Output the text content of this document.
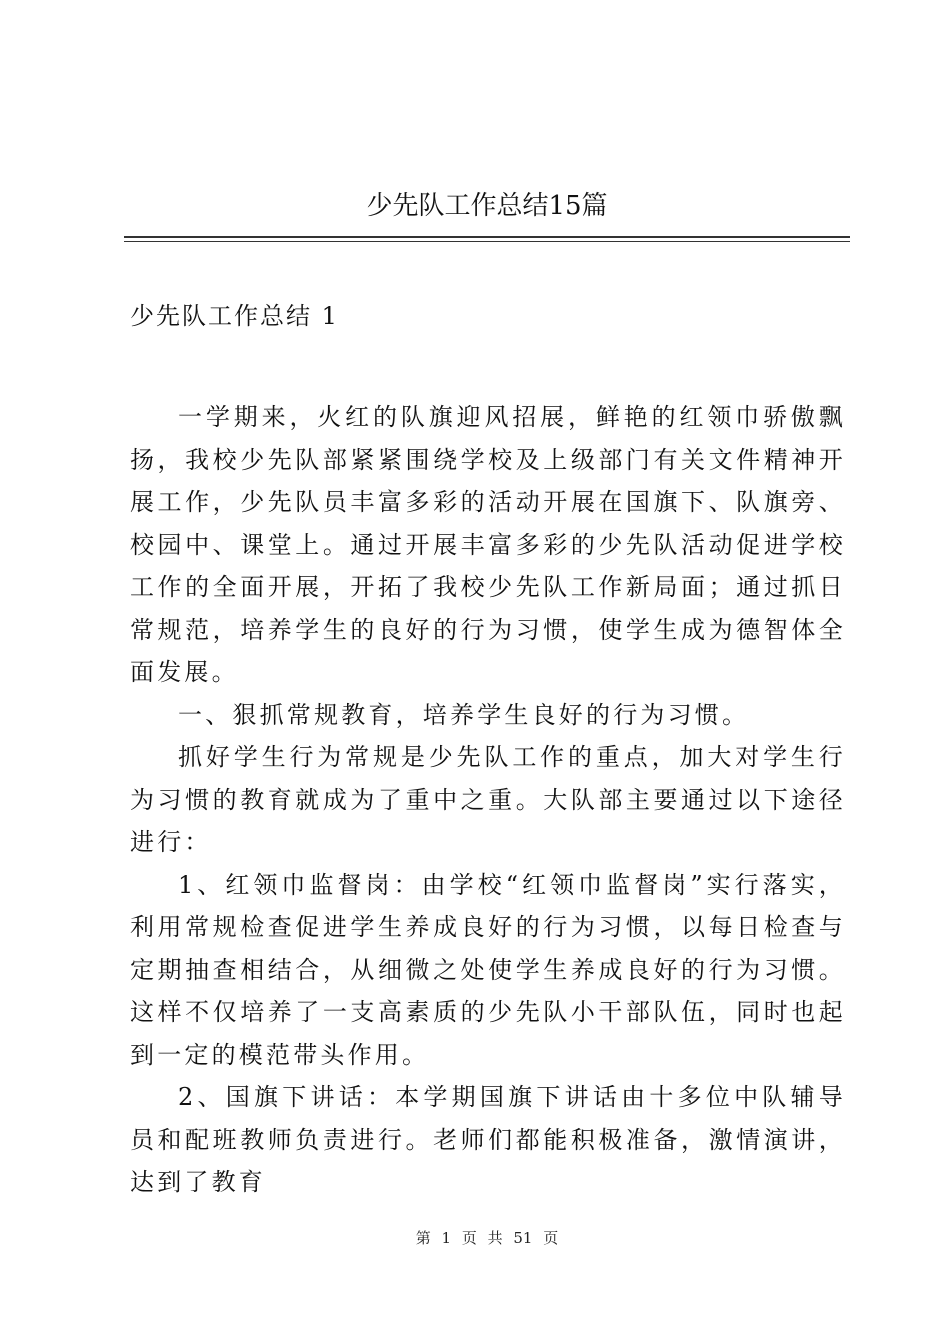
少先队工作总结15篇
少先队工作总结 1

一学期来，火红的队旗迎风招展，鲜艳的红领巾骄傲飘扬，我校少先队部紧紧围绕学校及上级部门有关文件精神开展工作，少先队员丰富多彩的活动开展在国旗下、队旗旁、校园中、课堂上。通过开展丰富多彩的少先队活动促进学校工作的全面开展，开拓了我校少先队工作新局面；通过抓日常规范，培养学生的良好的行为习惯，使学生成为德智体全面发展。

一、狠抓常规教育，培养学生良好的行为习惯。

抓好学生行为常规是少先队工作的重点，加大对学生行为习惯的教育就成为了重中之重。大队部主要通过以下途径进行：

1、红领巾监督岗：由学校“红领巾监督岗”实行落实，利用常规检查促进学生养成良好的行为习惯，以每日检查与定期抽查相结合，从细微之处使学生养成良好的行为习惯。这样不仅培养了一支高素质的少先队小干部队伍，同时也起到一定的模范带头作用。

2、国旗下讲话：本学期国旗下讲话由十多位中队辅导员和配班教师负责进行。老师们都能积极准备，激情演讲，达到了教育

第 1 页 共 51 页
